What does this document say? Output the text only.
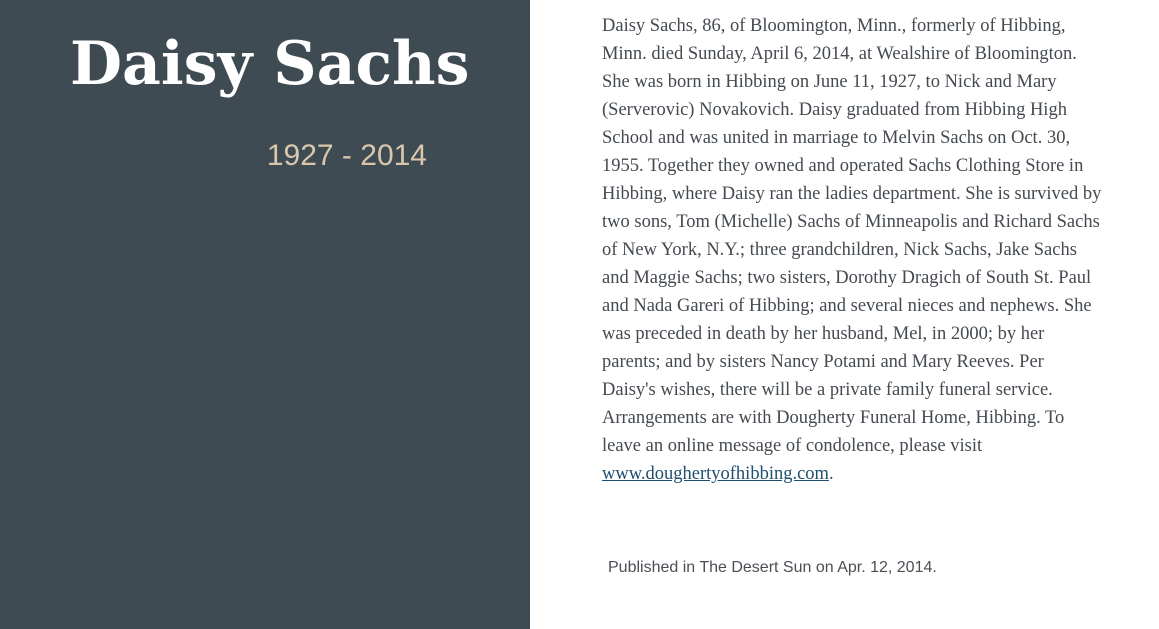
Daisy Sachs
1927 - 2014

Daisy Sachs, 86, of Bloomington, Minn., formerly of Hibbing, Minn. died Sunday, April 6, 2014, at Wealshire of Bloomington. She was born in Hibbing on June 11, 1927, to Nick and Mary (Serverovic) Novakovich. Daisy graduated from Hibbing High School and was united in marriage to Melvin Sachs on Oct. 30, 1955. Together they owned and operated Sachs Clothing Store in Hibbing, where Daisy ran the ladies department. She is survived by two sons, Tom (Michelle) Sachs of Minneapolis and Richard Sachs of New York, N.Y.; three grandchildren, Nick Sachs, Jake Sachs and Maggie Sachs; two sisters, Dorothy Dragich of South St. Paul and Nada Gareri of Hibbing; and several nieces and nephews. She was preceded in death by her husband, Mel, in 2000; by her parents; and by sisters Nancy Potami and Mary Reeves. Per Daisy's wishes, there will be a private family funeral service. Arrangements are with Dougherty Funeral Home, Hibbing. To leave an online message of condolence, please visit www.doughertyofhibbing.com.

Published in The Desert Sun on Apr. 12, 2014.
